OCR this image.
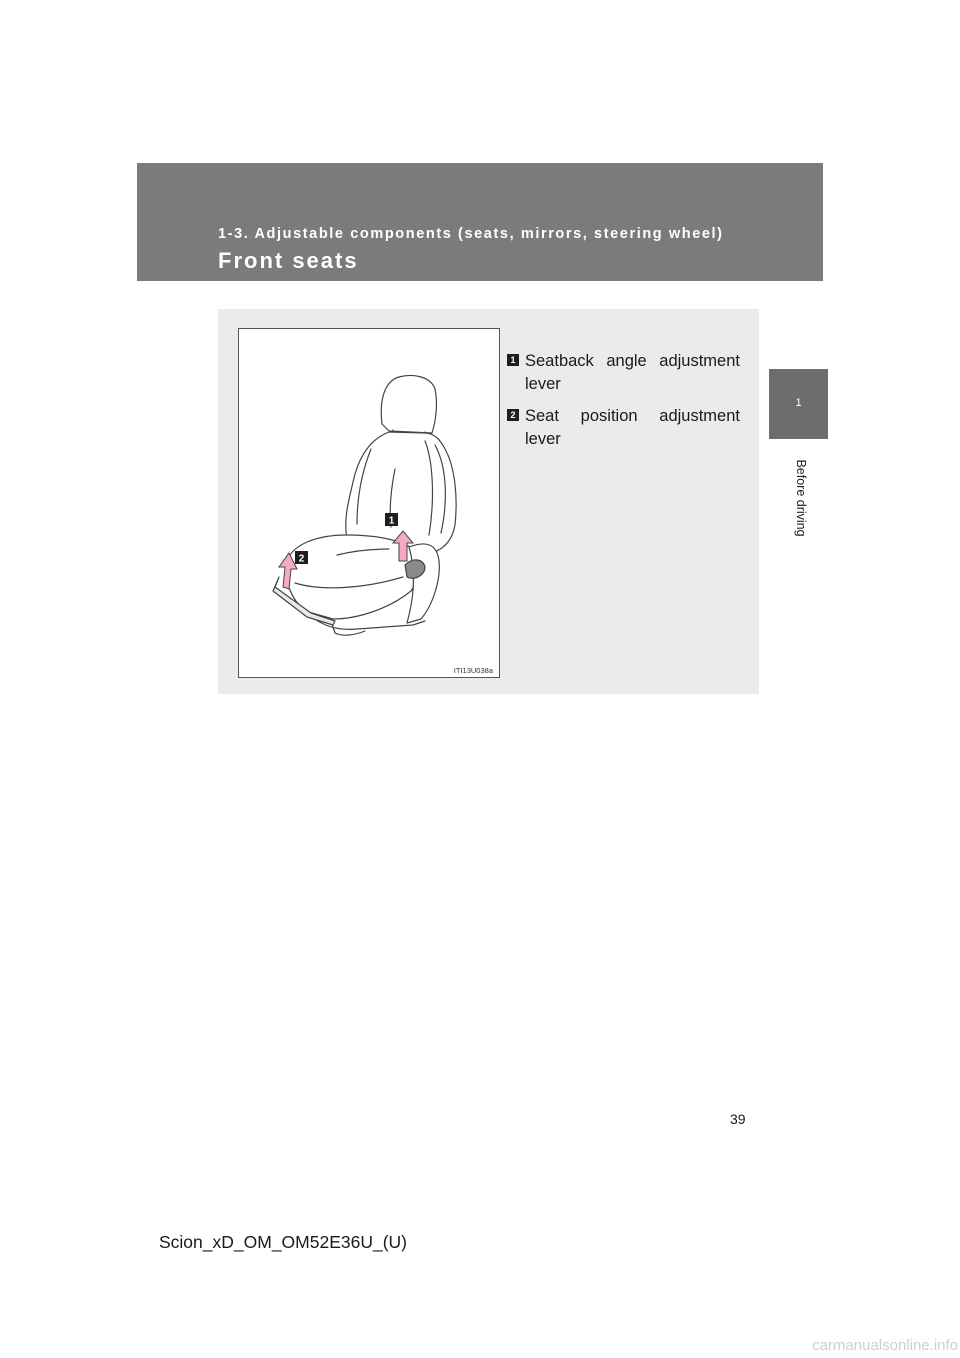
1-3. Adjustable components (seats, mirrors, steering wheel)
Front seats
1
Before driving
1
2
ITI13U038a
1 Seatback angle adjustment lever
2 Seat position adjustment lever
39
Scion_xD_OM_OM52E36U_(U)
carmanualsonline.info
